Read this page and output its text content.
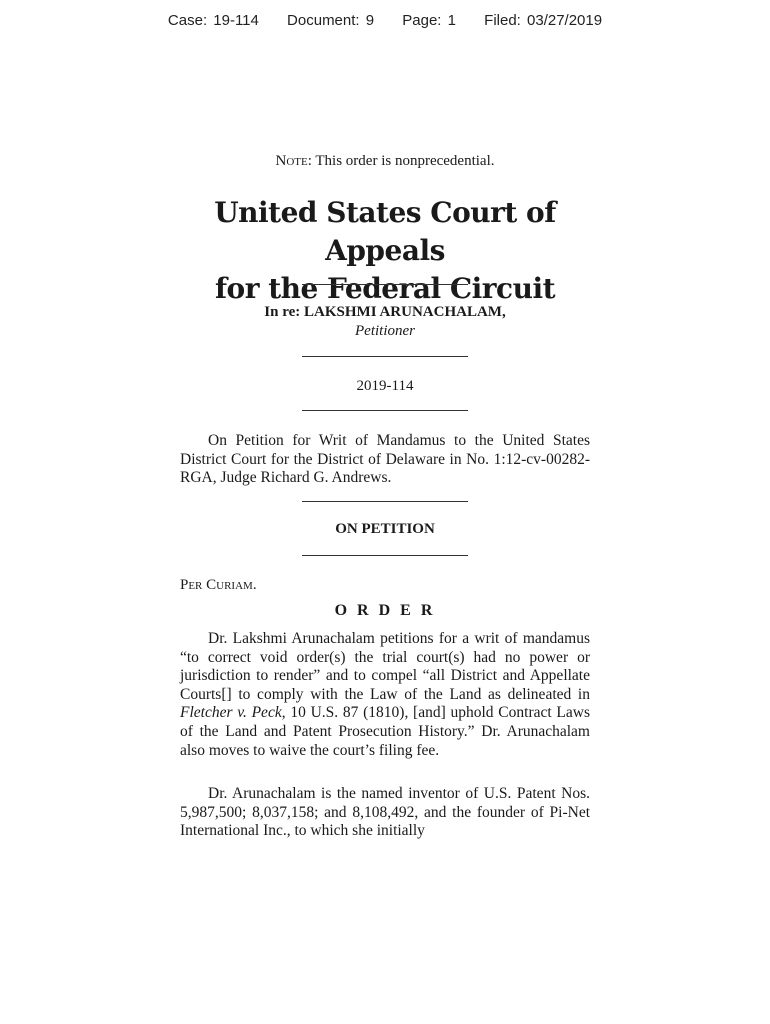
Case: 19-114 Document: 9 Page: 1 Filed: 03/27/2019
Note: This order is nonprecedential.
United States Court of Appeals
for the Federal Circuit
In re: LAKSHMI ARUNACHALAM,
Petitioner
2019-114

On Petition for Writ of Mandamus to the United States District Court for the District of Delaware in No. 1:12-cv-00282-RGA, Judge Richard G. Andrews.

ON PETITION
Per Curiam.
O R D E R

Dr. Lakshmi Arunachalam petitions for a writ of mandamus “to correct void order(s) the trial court(s) had no power or jurisdiction to render” and to compel “all District and Appellate Courts[] to comply with the Law of the Land as delineated in Fletcher v. Peck, 10 U.S. 87 (1810), [and] uphold Contract Laws of the Land and Patent Prosecution History.” Dr. Arunachalam also moves to waive the court’s filing fee.

Dr. Arunachalam is the named inventor of U.S. Patent Nos. 5,987,500; 8,037,158; and 8,108,492, and the founder of Pi-Net International Inc., to which she initially
